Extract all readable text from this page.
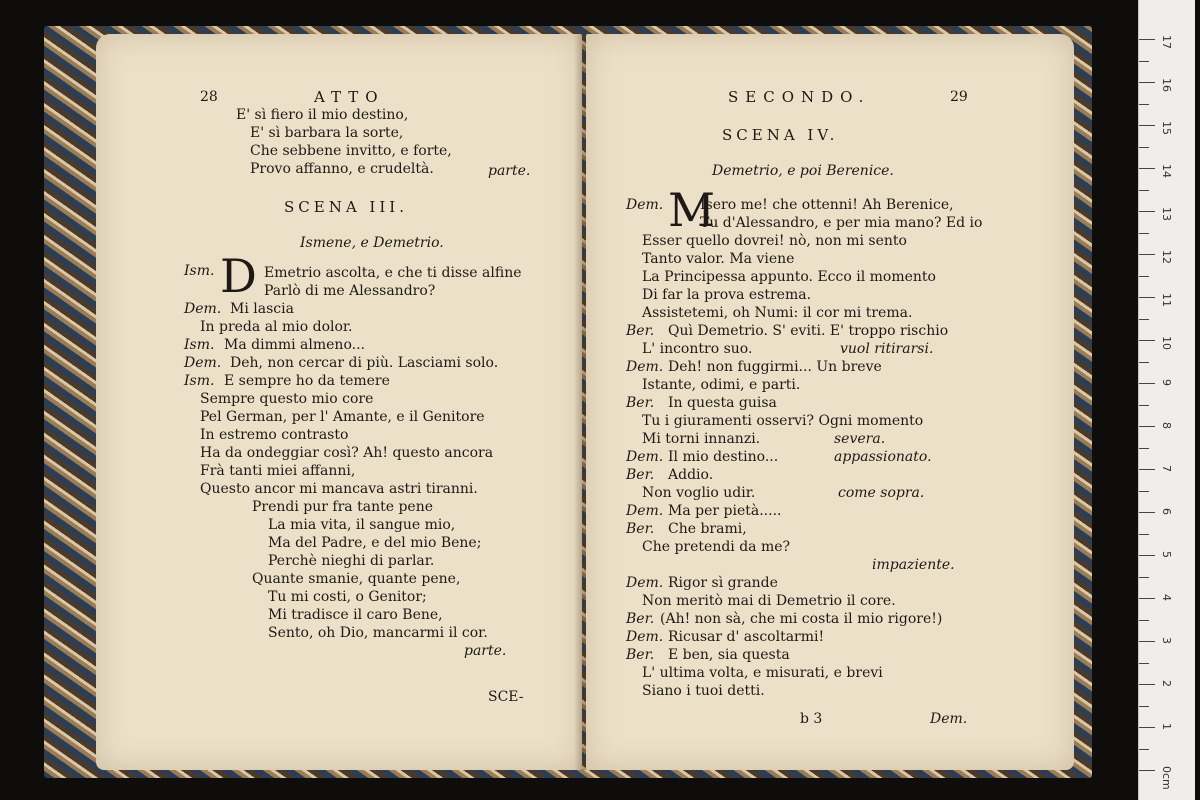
28	ATTO
E' sì fiero il mio destino,
E' sì barbara la sorte,
Che sebbene invitto, e forte,
Provo affanno, e crudeltà.	parte.
SCENA III.
Ismene, e Demetrio.
D
Ism.	Emetrio ascolta, e che ti disse alfine
Parlò di me Alessandro?
Dem. Mi lascia
In preda al mio dolor.
Ism. Ma dimmi almeno...
Dem. Deh, non cercar di più. Lasciami solo.
Ism. E sempre ho da temere
Sempre questo mio core
Pel German, per l' Amante, e il Genitore
In estremo contrasto
Ha da ondeggiar così? Ah! questo ancora
Frà tanti miei affanni,
Questo ancor mi mancava astri tiranni.
Prendi pur fra tante pene
La mia vita, il sangue mio,
Ma del Padre, e del mio Bene;
Perchè nieghi di parlar.
Quante smanie, quante pene,
Tu mi costi, o Genitor;
Mi tradisce il caro Bene,
Sento, oh Dio, mancarmi il cor.
parte.
SCE-
SECONDO.	29
SCENA IV.
Demetrio, e poi Berenice.
M
Dem.	Isero me! che ottenni! Ah Berenice,
Tu d'Alessandro, e per mia mano? Ed io
Esser quello dovrei! nò, non mi sento
Tanto valor. Ma viene
La Principessa appunto. Ecco il momento
Di far la prova estrema.
Assistetemi, oh Numi: il cor mi trema.
Ber. Quì Demetrio. S' eviti. E' troppo rischio
L' incontro suo.	vuol ritirarsi.
Dem. Deh! non fuggirmi... Un breve
Istante, odimi, e parti.
Ber. In questa guisa
Tu i giuramenti osservi? Ogni momento
Mi torni innanzi.	severa.
Dem. Il mio destino...	appassionato.
Ber. Addio.
Non voglio udir.	come sopra.
Dem. Ma per pietà.....
Ber. Che brami,
Che pretendi da me?
impaziente.
Dem. Rigor sì grande
Non meritò mai di Demetrio il core.
Ber. (Ah! non sà, che mi costa il mio rigore!)
Dem. Ricusar d' ascoltarmi!
Ber. E ben, sia questa
L' ultima volta, e misurati, e brevi
Siano i tuoi detti.
b 3	Dem.
0cm
1
2
3
4
5
6
7
8
9
10
11
12
13
14
15
16
17
